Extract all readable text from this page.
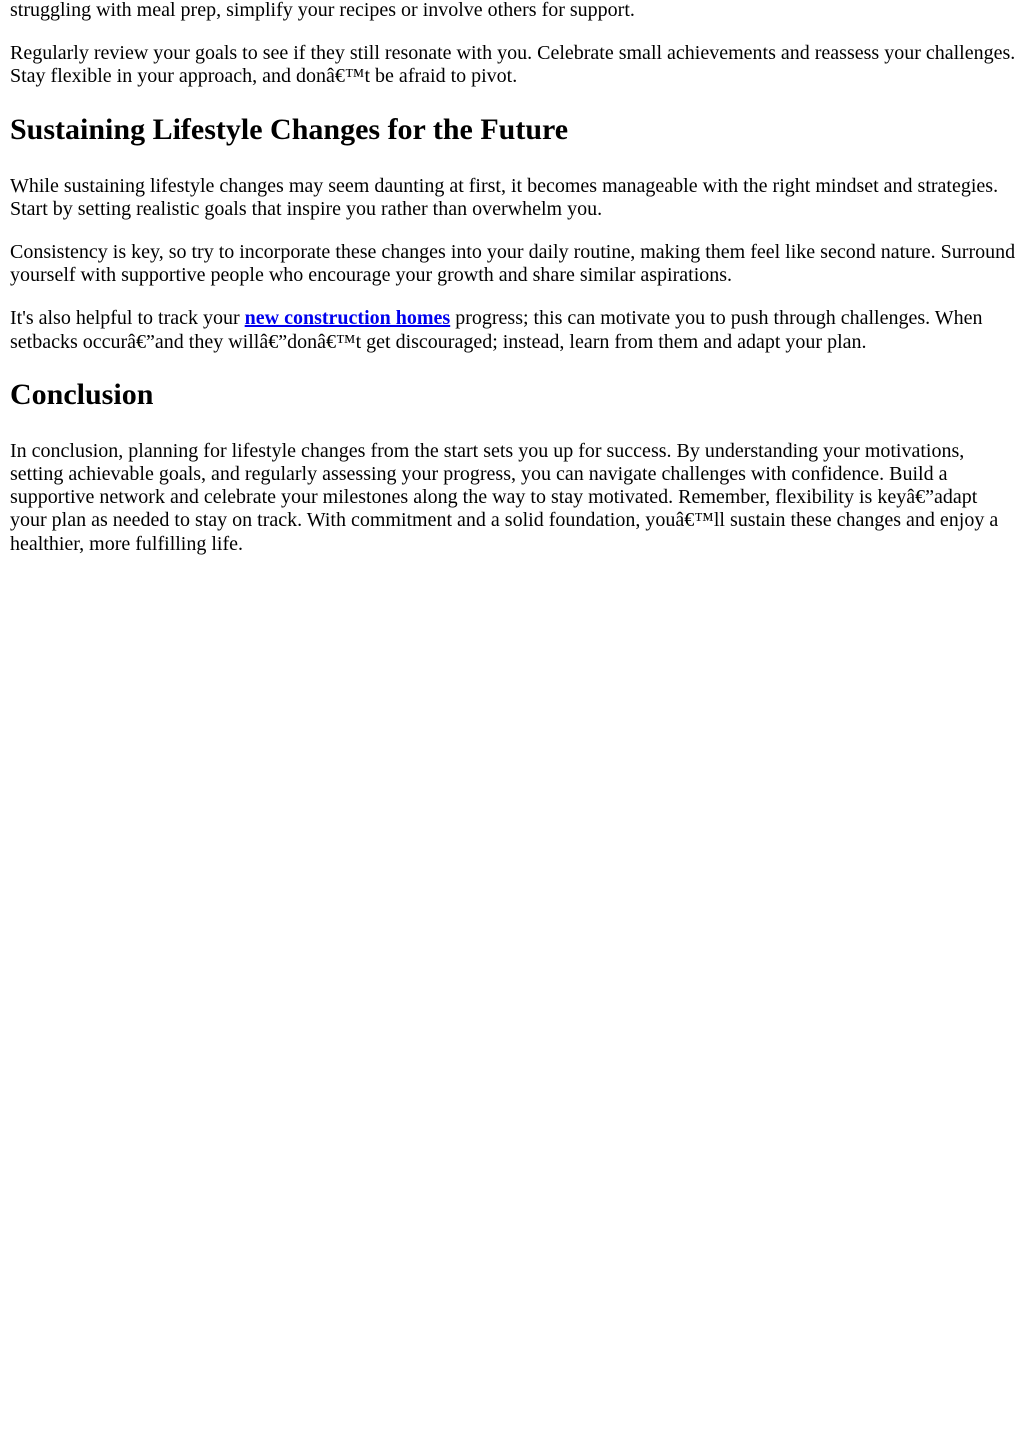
struggling with meal prep, simplify your recipes or involve others for support.

Regularly review your goals to see if they still resonate with you. Celebrate small achievements and reassess your challenges. Stay flexible in your approach, and donâ€™t be afraid to pivot.

Sustaining Lifestyle Changes for the Future

While sustaining lifestyle changes may seem daunting at first, it becomes manageable with the right mindset and strategies. Start by setting realistic goals that inspire you rather than overwhelm you.

Consistency is key, so try to incorporate these changes into your daily routine, making them feel like second nature. Surround yourself with supportive people who encourage your growth and share similar aspirations.

It's also helpful to track your new construction homes progress; this can motivate you to push through challenges. When setbacks occurâ€”and they willâ€”donâ€™t get discouraged; instead, learn from them and adapt your plan.

Conclusion

In conclusion, planning for lifestyle changes from the start sets you up for success. By understanding your motivations, setting achievable goals, and regularly assessing your progress, you can navigate challenges with confidence. Build a supportive network and celebrate your milestones along the way to stay motivated. Remember, flexibility is keyâ€”adapt your plan as needed to stay on track. With commitment and a solid foundation, youâ€™ll sustain these changes and enjoy a healthier, more fulfilling life.
